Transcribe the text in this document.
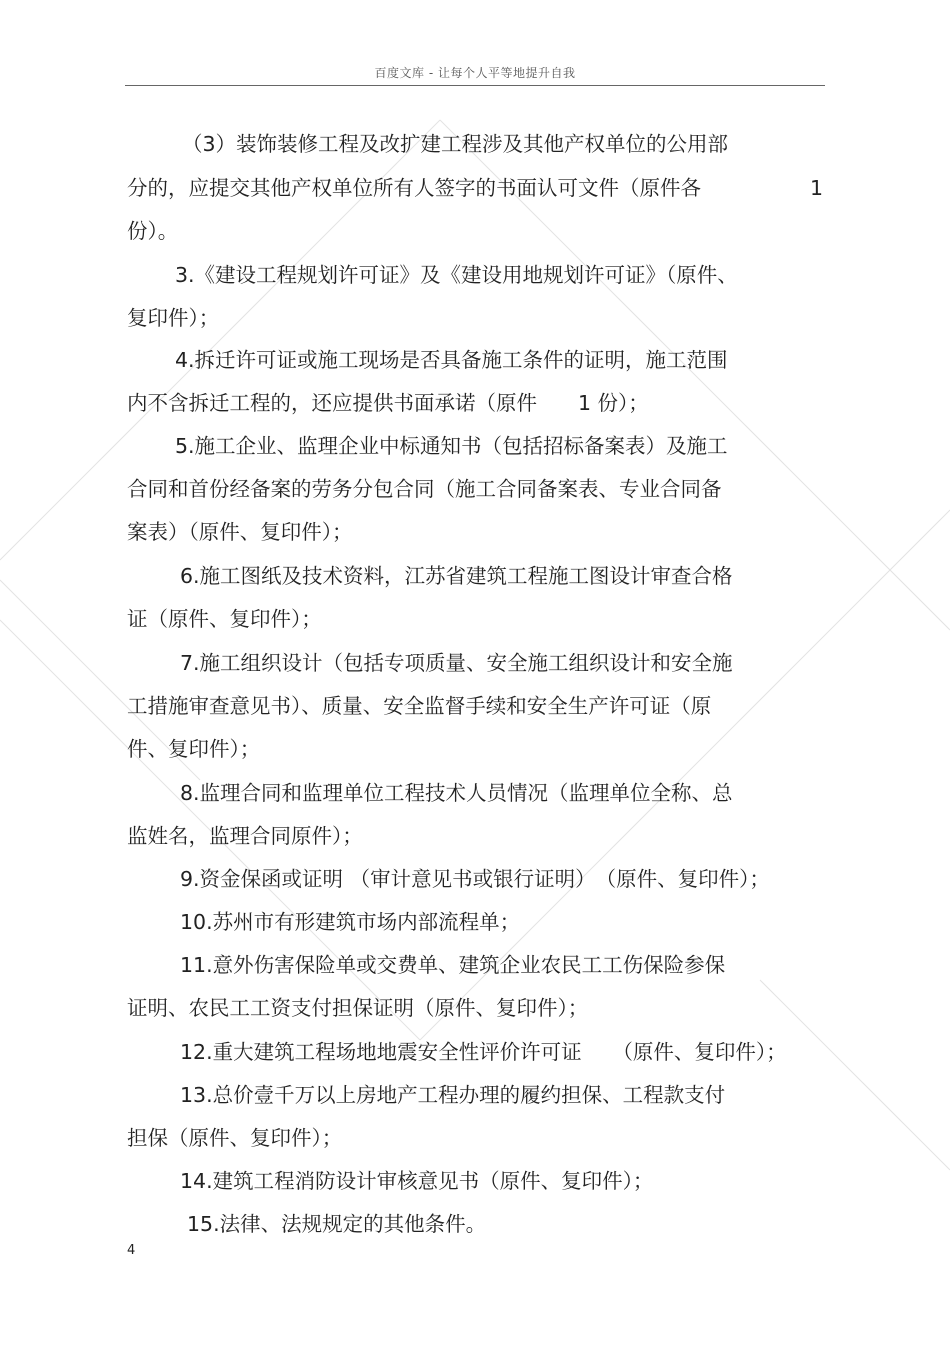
百度文库 - 让每个人平等地提升自我
（3）装饰装修工程及改扩建工程涉及其他产权单位的公用部
分的，应提交其他产权单位所有人签字的书面认可文件（原件各	1
份）。
3.《建设工程规划许可证》及《建设用地规划许可证》（原件、
复印件）；
4.拆迁许可证或施工现场是否具备施工条件的证明，施工范围
内不含拆迁工程的，还应提供书面承诺（原件　　1 份）；
5.施工企业、监理企业中标通知书（包括招标备案表）及施工
合同和首份经备案的劳务分包合同（施工合同备案表、专业合同备
案表）（原件、复印件）；
6.施工图纸及技术资料，江苏省建筑工程施工图设计审查合格
证（原件、复印件）；
7.施工组织设计（包括专项质量、安全施工组织设计和安全施
工措施审查意见书）、质量、安全监督手续和安全生产许可证（原
件、复印件）；
8.监理合同和监理单位工程技术人员情况（监理单位全称、总
监姓名，监理合同原件）；
9.资金保函或证明 （审计意见书或银行证明）　（原件、复印件）；
10.苏州市有形建筑市场内部流程单；
11.意外伤害保险单或交费单、建筑企业农民工工伤保险参保
证明、农民工工资支付担保证明（原件、复印件）；
12.重大建筑工程场地地震安全性评价许可证　　（原件、复印件）；
13.总价壹千万以上房地产工程办理的履约担保、工程款支付
担保（原件、复印件）；
14.建筑工程消防设计审核意见书（原件、复印件）；
15.法律、法规规定的其他条件。
4
